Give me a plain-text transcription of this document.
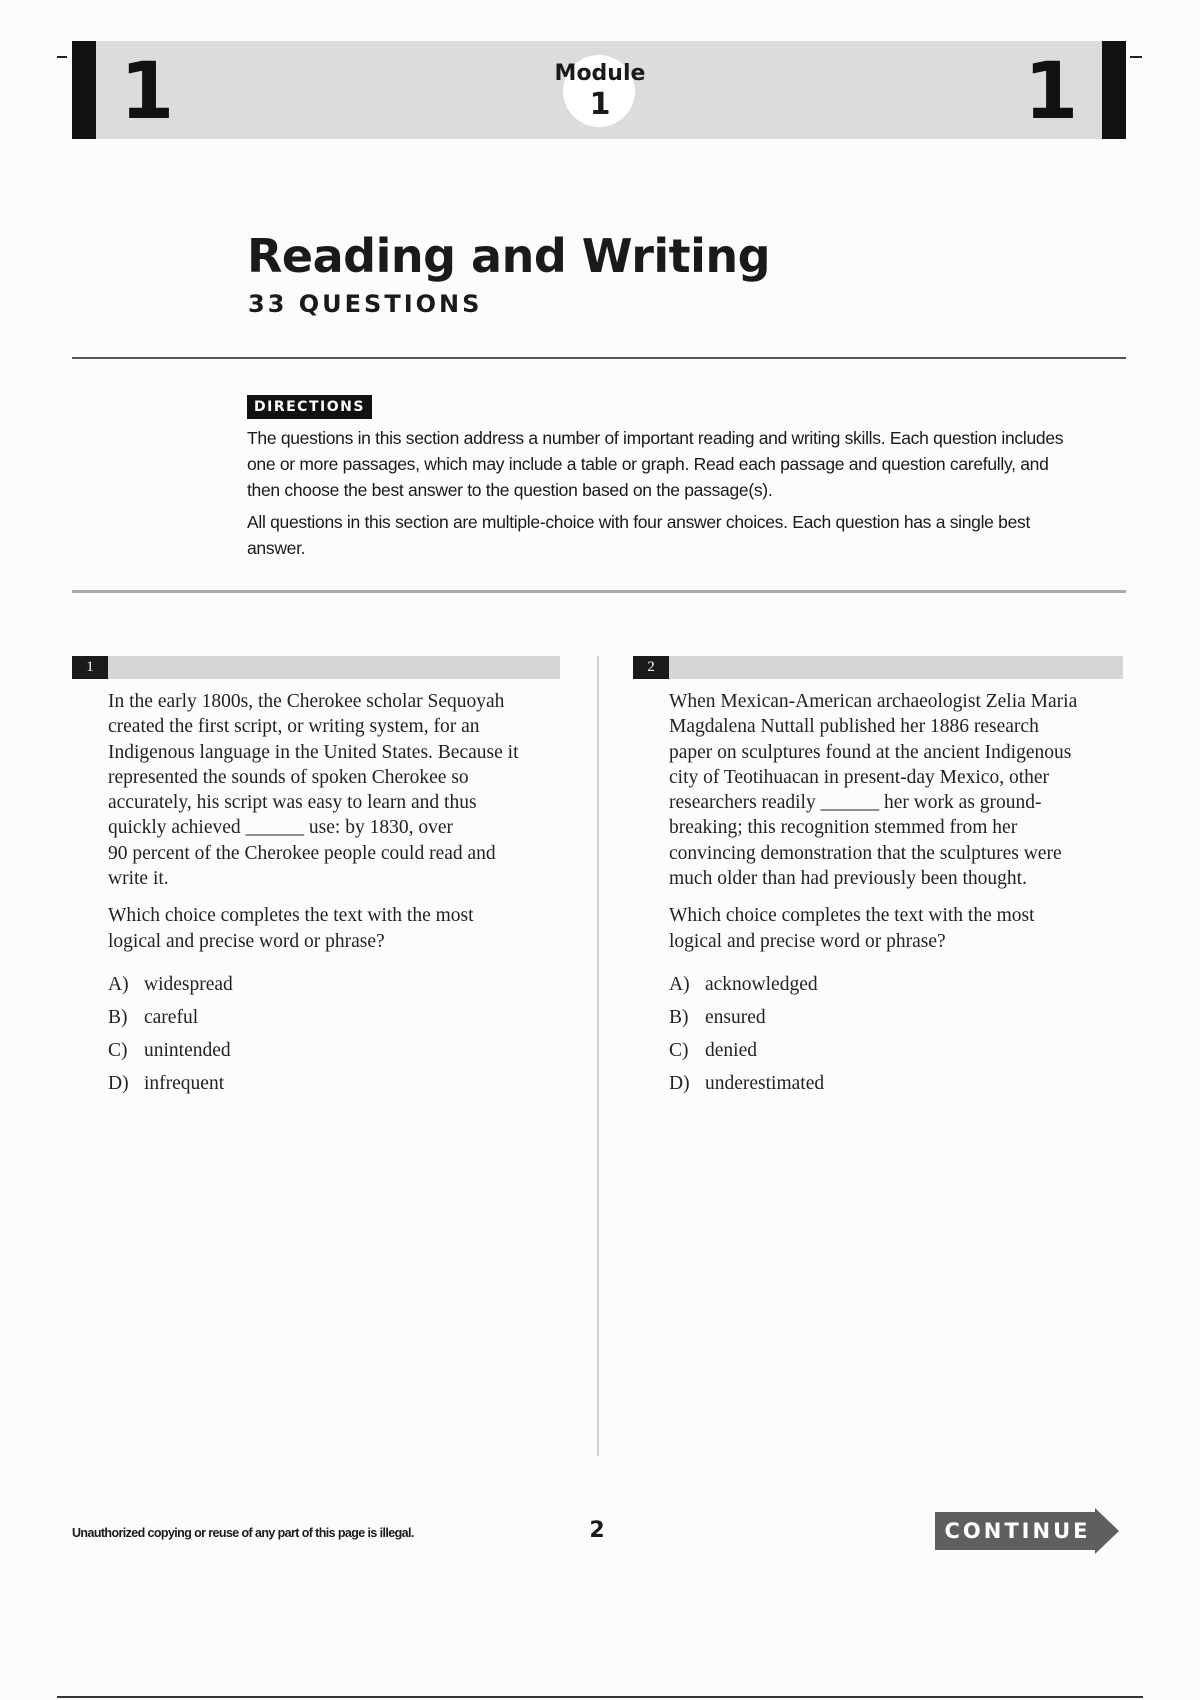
1	1
Module
1
Reading and Writing
33 QUESTIONS
DIRECTIONS

The questions in this section address a number of important reading and writing skills. Each question includes one or more passages, which may include a table or graph. Read each passage and question carefully, and then choose the best answer to the question based on the passage(s).

All questions in this section are multiple-choice with four answer choices. Each question has a single best answer.

1

In the early 1800s, the Cherokee scholar Sequoyah
created the first script, or writing system, for an
Indigenous language in the United States. Because it
represented the sounds of spoken Cherokee so
accurately, his script was easy to learn and thus
quickly achieved ______ use: by 1830, over
90 percent of the Cherokee people could read and
write it.

Which choice completes the text with the most
logical and precise word or phrase?

A) widespread
B) careful
C) unintended
D) infrequent
2

When Mexican-American archaeologist Zelia Maria
Magdalena Nuttall published her 1886 research
paper on sculptures found at the ancient Indigenous
city of Teotihuacan in present-day Mexico, other
researchers readily ______ her work as ground-
breaking; this recognition stemmed from her
convincing demonstration that the sculptures were
much older than had previously been thought.

Which choice completes the text with the most
logical and precise word or phrase?

A) acknowledged
B) ensured
C) denied
D) underestimated
Unauthorized copying or reuse of any part of this page is illegal.	2	CONTINUE
